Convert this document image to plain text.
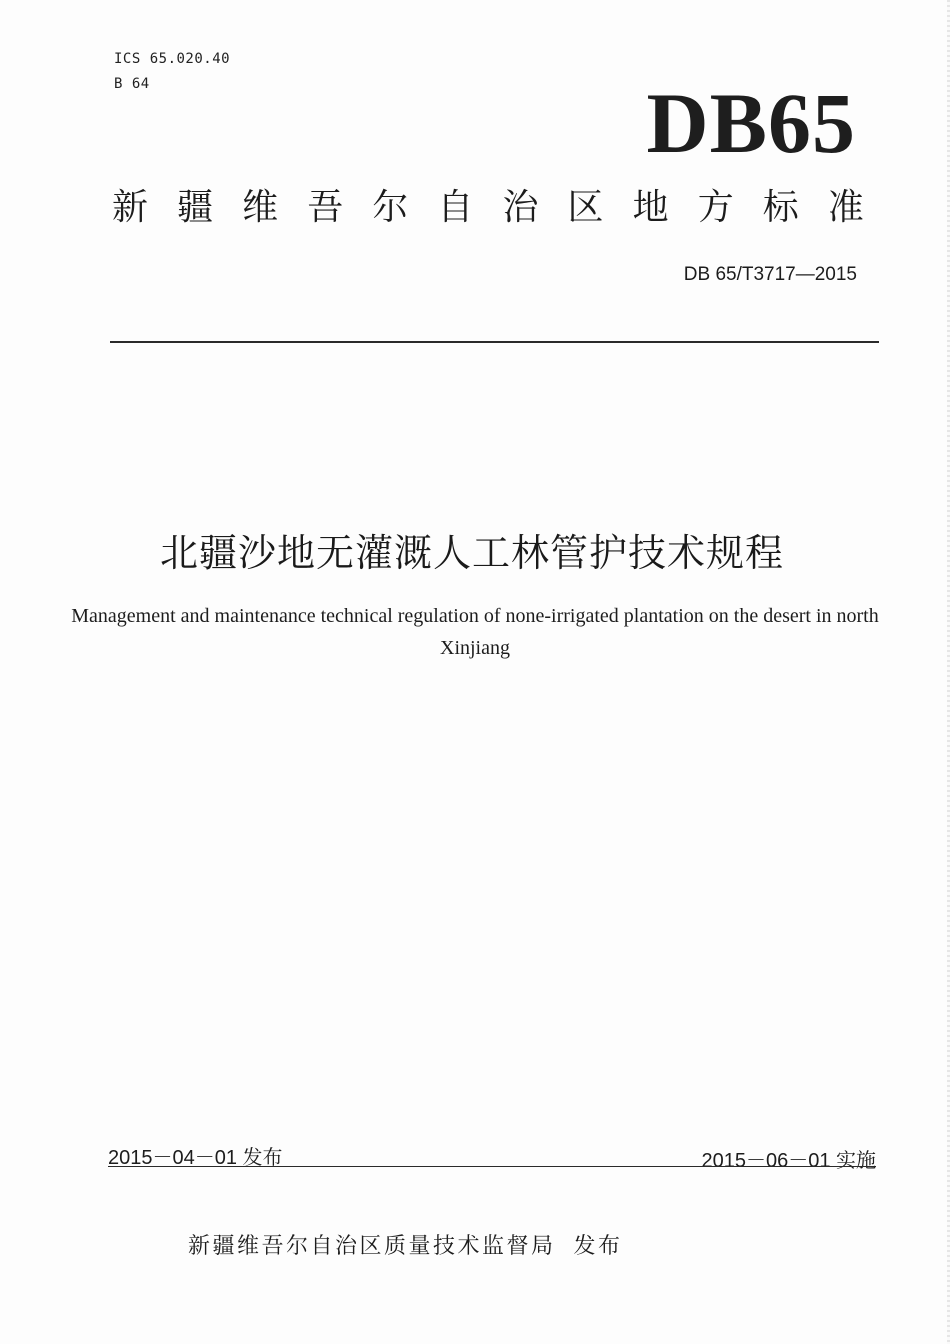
ICS 65.020.40
B 64	DB65
新 疆 维 吾 尔 自 治 区 地 方 标 准
DB 65/T3717—2015
北疆沙地无灌溉人工林管护技术规程
Management and maintenance technical regulation of none-irrigated plantation on the desert in north Xinjiang
2015－04－01 发布	2015－06－01 实施
新疆维吾尔自治区质量技术监督局 发布
